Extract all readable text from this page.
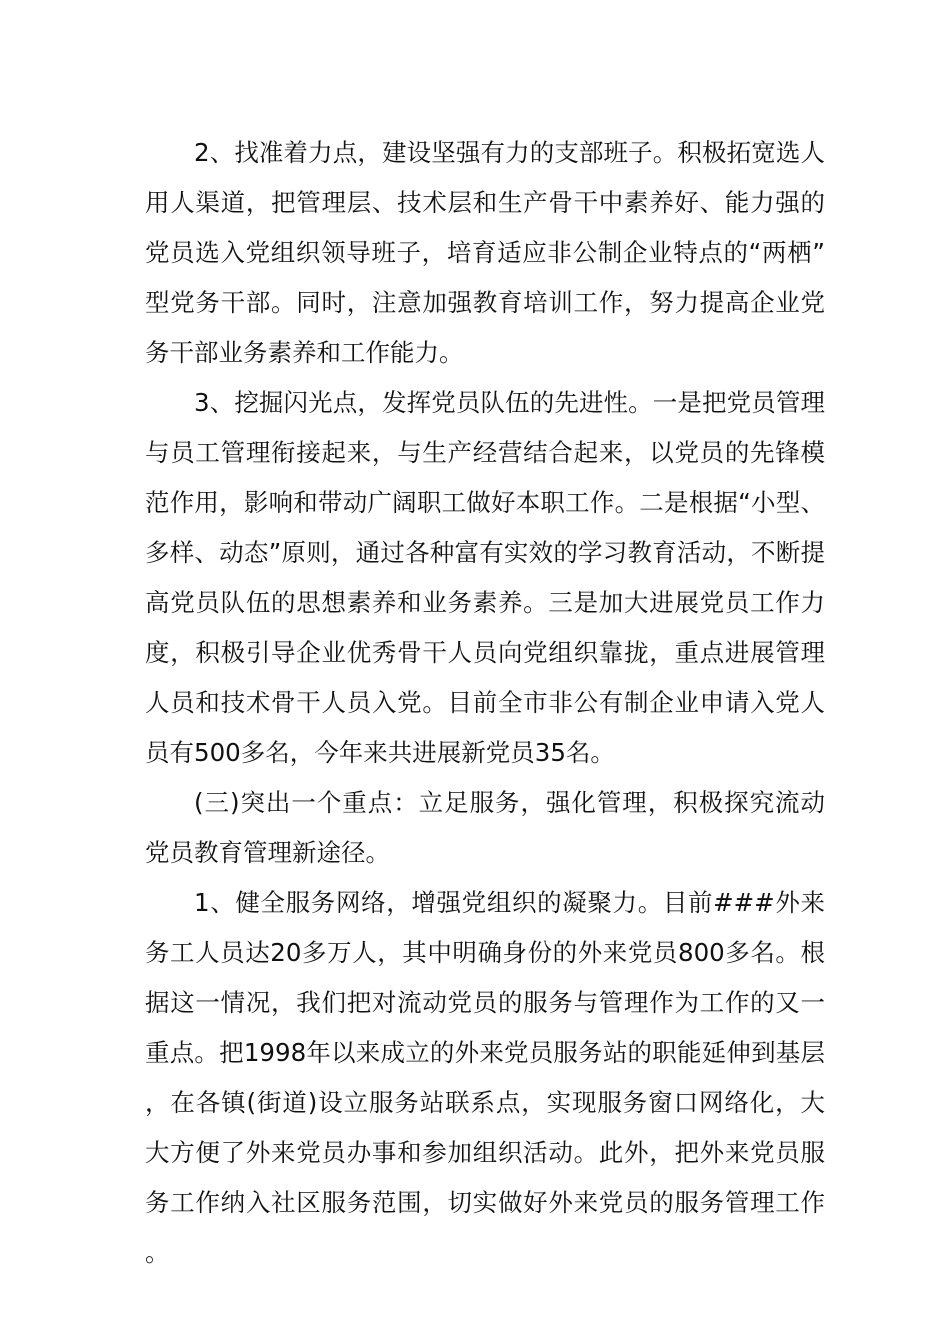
2、找准着力点，建设坚强有力的支部班子。积极拓宽选人用人渠道，把管理层、技术层和生产骨干中素养好、能力强的党员选入党组织领导班子，培育适应非公制企业特点的“两栖”型党务干部。同时，注意加强教育培训工作，努力提高企业党务干部业务素养和工作能力。

3、挖掘闪光点，发挥党员队伍的先进性。一是把党员管理与员工管理衔接起来，与生产经营结合起来，以党员的先锋模范作用，影响和带动广阔职工做好本职工作。二是根据“小型、多样、动态”原则，通过各种富有实效的学习教育活动，不断提高党员队伍的思想素养和业务素养。三是加大进展党员工作力度，积极引导企业优秀骨干人员向党组织靠拢，重点进展管理人员和技术骨干人员入党。目前全市非公有制企业申请入党人员有500多名，今年来共进展新党员35名。

(三)突出一个重点：立足服务，强化管理，积极探究流动党员教育管理新途径。

1、健全服务网络，增强党组织的凝聚力。目前###外来务工人员达20多万人，其中明确身份的外来党员800多名。根据这一情况，我们把对流动党员的服务与管理作为工作的又一重点。把1998年以来成立的外来党员服务站的职能延伸到基层，在各镇(街道)设立服务站联系点，实现服务窗口网络化，大大方便了外来党员办事和参加组织活动。此外，把外来党员服务工作纳入社区服务范围，切实做好外来党员的服务管理工作。
